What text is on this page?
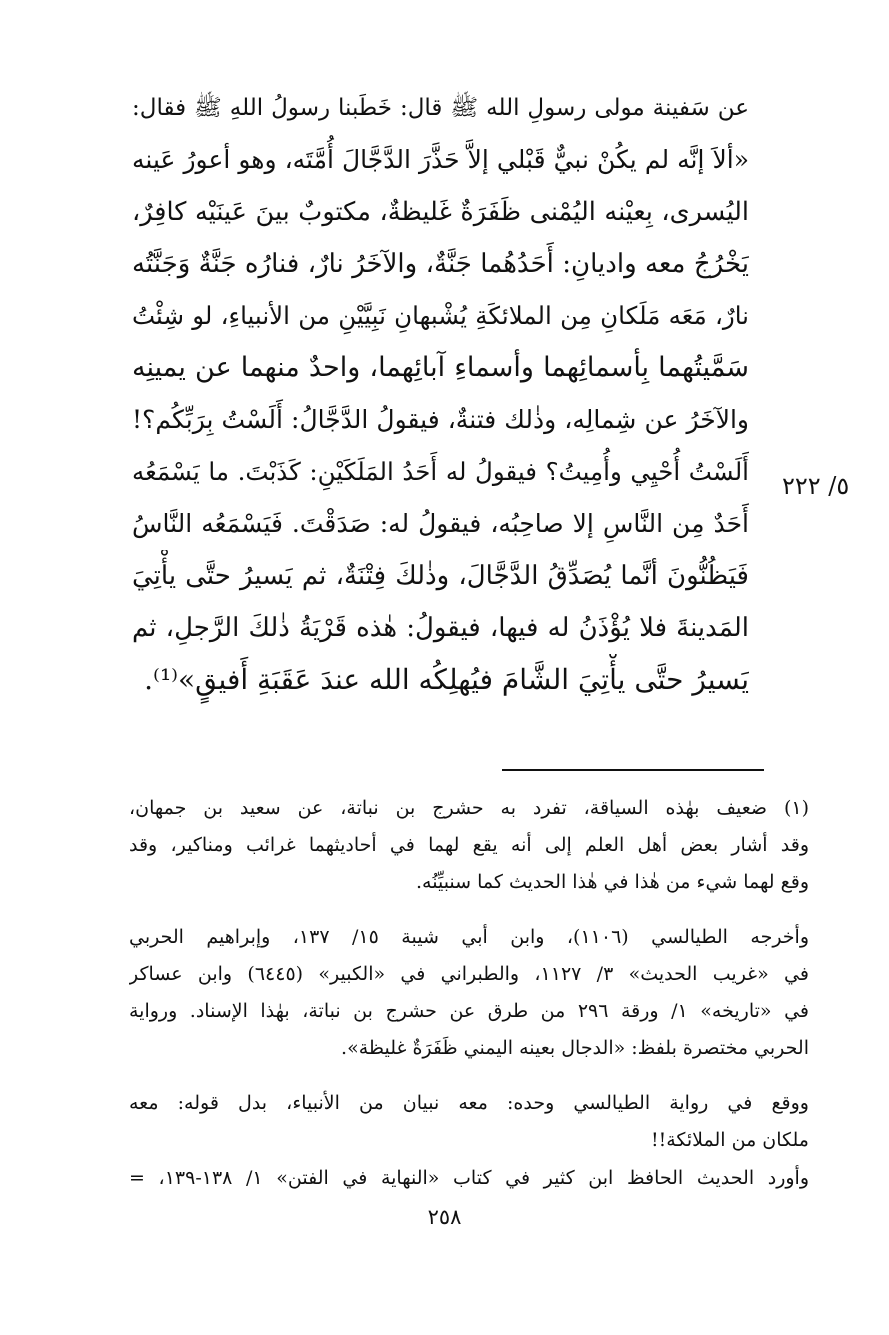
عن سَفينة مولى رسولِ الله ﷺ قال: خَطَبنا رسولُ اللهِ ﷺ فقال:
«ألاَ إنَّه لم يكُنْ نبيٌّ قَبْلي إلاَّ حَذَّرَ الدَّجَّالَ أُمَّتَه، وهو أعورُ عَينه
اليُسرى، بِعيْنه اليُمْنى ظَفَرَةٌ غَليظةٌ، مكتوبٌ بينَ عَينَيْه كافِرٌ،
يَخْرُجُ معه واديانِ: أَحَدُهُما جَنَّةٌ، والآخَرُ نارٌ، فنارُه جَنَّةٌ وَجَنَّتُه
نارٌ، مَعَه مَلَكانِ مِن الملائكَةِ يُشْبهانِ نَبِيَّيْنِ من الأنبياءِ، لو شِئْتُ
سَمَّيتُهما بِأسمائِهما وأسماءِ آبائِهما، واحدٌ منهما عن يمينِه
والآخَرُ عن شِمالِه، وذٰلك فتنةٌ، فيقولُ الدَّجَّالُ: أَلَسْتُ بِرَبِّكُم؟!
أَلَسْتُ أُحْيِي وأُمِيتُ؟ فيقولُ له أَحَدُ المَلَكَيْنِ: كَذَبْتَ. ما يَسْمَعُه
أَحَدٌ مِن النَّاسِ إلا صاحِبُه، فيقولُ له: صَدَقْتَ. فَيَسْمَعُه النَّاسُ
فَيَظُنُّونَ أنَّما يُصَدِّقُ الدَّجَّالَ، وذٰلكَ فِتْنَةٌ، ثم يَسيرُ حتَّى يأْتِيَ
المَدينةَ فلا يُؤْذَنُ له فيها، فيقولُ: هٰذه قَرْيَةُ ذٰلكَ الرَّجلِ، ثم
يَسيرُ حتَّى يأْتِيَ الشَّامَ فيُهلِكُه الله عندَ عَقَبَةِ أَفيقٍ»⁽¹⁾.
٥/ ٢٢٢
(١) ضعيف بهٰذه السياقة، تفرد به حشرج بن نباتة، عن سعيد بن جمهان،
وقد أشار بعض أهل العلم إلى أنه يقع لهما في أحاديثهما غرائب ومناكير، وقد
وقع لهما شيء من هٰذا في هٰذا الحديث كما سنبيِّنُه.
وأخرجه الطيالسي (١١٠٦)، وابن أبي شيبة ١٥/ ١٣٧، وإبراهيم الحربي
في «غريب الحديث» ٣/ ١١٢٧، والطبراني في «الكبير» (٦٤٤٥) وابن عساكر
في «تاريخه» ١/ ورقة ٢٩٦ من طرق عن حشرج بن نباتة، بهٰذا الإسناد. ورواية
الحربي مختصرة بلفظ: «الدجال بعينه اليمني ظَفَرَةٌ غليظة».
ووقع في رواية الطيالسي وحده: معه نبيان من الأنبياء، بدل قوله: معه
ملكان من الملائكة!!
وأورد الحديث الحافظ ابن كثير في كتاب «النهاية في الفتن» ١/ ١٣٨-١٣٩، =
٢٥٨
